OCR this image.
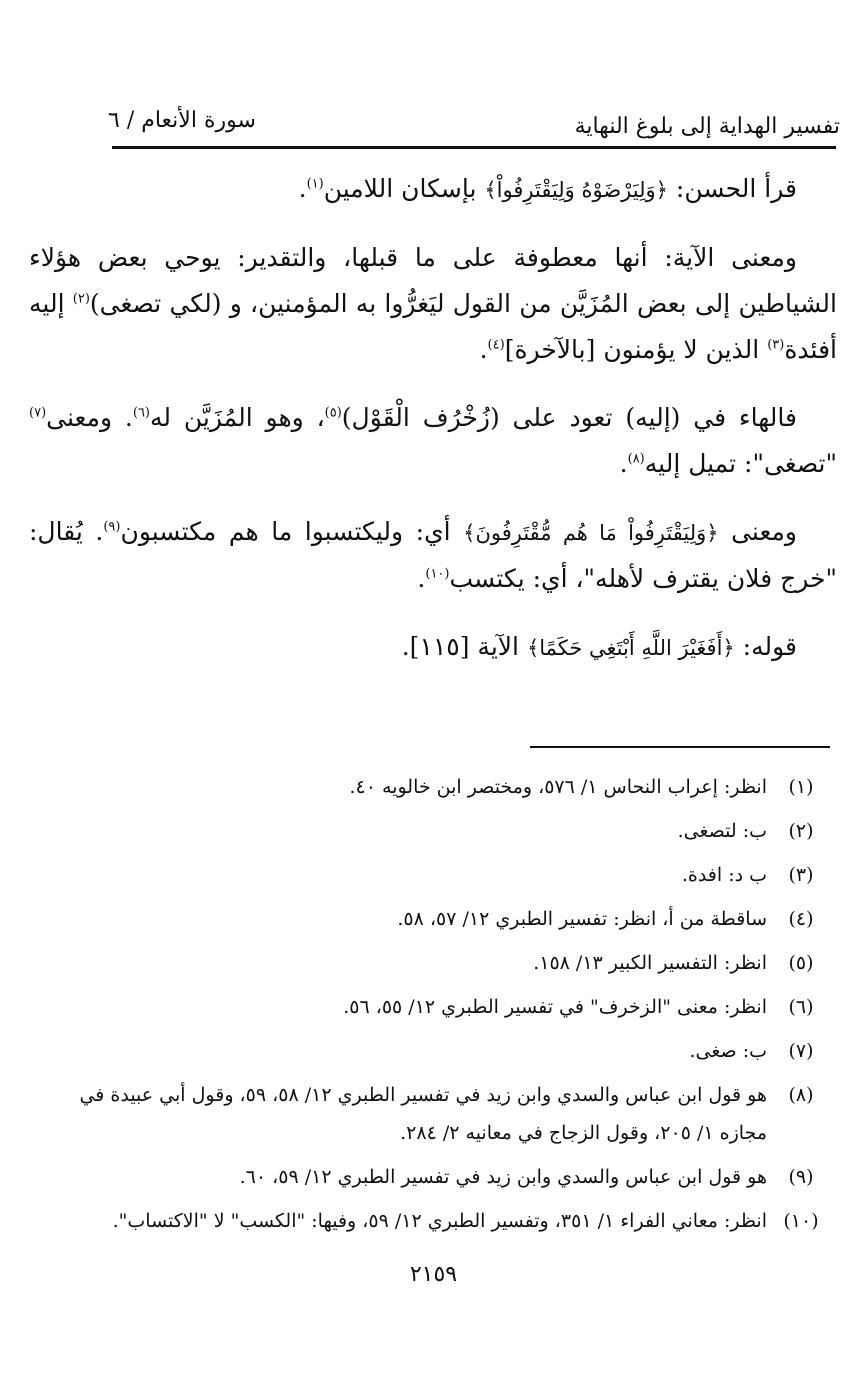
تفسير الهداية إلى بلوغ النهاية
سورة الأنعام / ٦

قرأ الحسن: ﴿وَلِيَرْضَوْهُ وَلِيَقْتَرِفُواْ﴾ بإسكان اللامين$^{(١)}$.

ومعنى الآية: أنها معطوفة على ما قبلها، والتقدير: يوحي بعض هؤلاء الشياطين إلى بعض المُزَيَّن من القول ليَغرُّوا به المؤمنين، و (لكي تصغى)$^{(٢)}$ إليه أفئدة$^{(٣)}$ الذين لا يؤمنون [بالآخرة]$^{(٤)}$.

فالهاء في (إليه) تعود على (زُخْرُف الْقَوْل)$^{(٥)}$، وهو المُزَيَّن له$^{(٦)}$. ومعنى$^{(٧)}$ "تصغى": تميل إليه$^{(٨)}$.

ومعنى ﴿وَلِيَقْتَرِفُواْ مَا هُم مُّقْتَرِفُونَ﴾ أي: وليكتسبوا ما هم مكتسبون$^{(٩)}$. يُقال: "خرج فلان يقترف لأهله"، أي: يكتسب$^{(١٠)}$.

قوله: ﴿أَفَغَيْرَ اللَّهِ أَبْتَغِي حَكَمًا﴾ الآية [١١٥].

(١)
انظر: إعراب النحاس ١/ ٥٧٦، ومختصر ابن خالويه ٤٠.
(٢)
ب: لتصغى.
(٣)
ب د: افدة.
(٤)
ساقطة من أ، انظر: تفسير الطبري ١٢/ ٥٧، ٥٨.
(٥)
انظر: التفسير الكبير ١٣/ ١٥٨.
(٦)
انظر: معنى "الزخرف" في تفسير الطبري ١٢/ ٥٥، ٥٦.
(٧)
ب: صغى.
(٨)
هو قول ابن عباس والسدي وابن زيد في تفسير الطبري ١٢/ ٥٨، ٥٩، وقول أبي عبيدة في مجازه ١/ ٢٠٥، وقول الزجاج في معانيه ٢/ ٢٨٤.
(٩)
هو قول ابن عباس والسدي وابن زيد في تفسير الطبري ١٢/ ٥٩، ٦٠.
(١٠)
انظر: معاني الفراء ١/ ٣٥١، وتفسير الطبري ١٢/ ٥٩، وفيها: "الكسب" لا "الاكتساب".
٢١٥٩
